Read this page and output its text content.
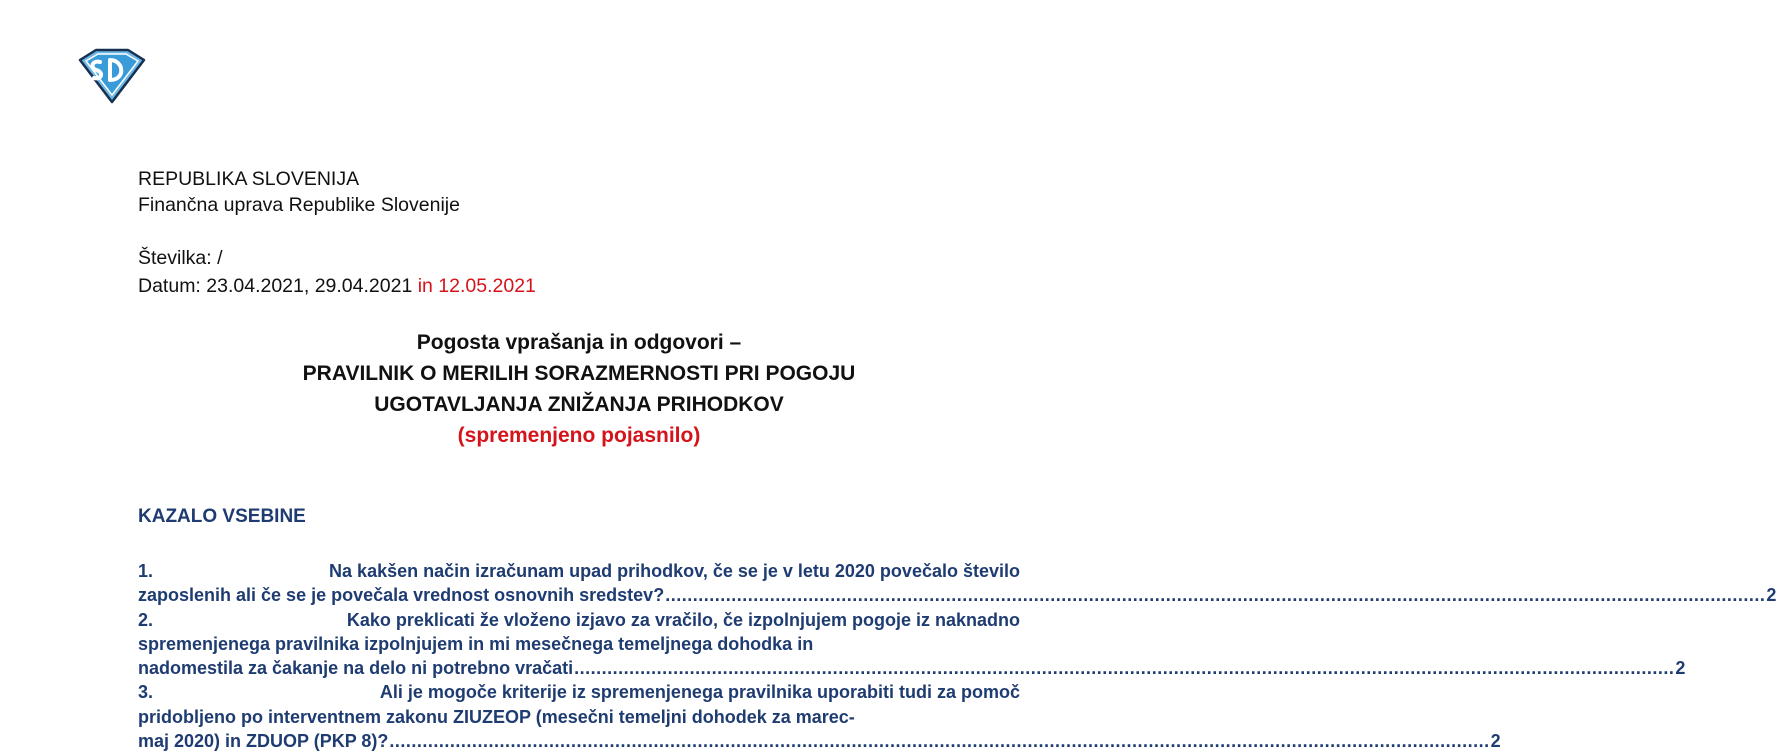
REPUBLIKA SLOVENIJA
Finančna uprava Republike Slovenije
Številka: /
Datum: 23.04.2021, 29.04.2021 in 12.05.2021
Pogosta vprašanja in odgovori –
PRAVILNIK O MERILIH SORAZMERNOSTI PRI POGOJU
UGOTAVLJANJA ZNIŽANJA PRIHODKOV
(spremenjeno pojasnilo)
KAZALO VSEBINE
1.	Na kakšen način izračunam upad prihodkov, če se je v letu 2020 povečalo število
zaposlenih ali če se je povečala vrednost osnovnih sredstev? ........................................................................................................................................................................................................ 2
2.	Kako preklicati že vloženo izjavo za vračilo, če izpolnjujem pogoje iz naknadno
spremenjenega pravilnika izpolnjujem in mi mesečnega temeljnega dohodka in
nadomestila za čakanje na delo ni potrebno vračati ........................................................................................................................................................................................................ 2
3.	Ali je mogoče kriterije iz spremenjenega pravilnika uporabiti tudi za pomoč
pridobljeno po interventnem zakonu ZIUZEOP (mesečni temeljni dohodek za marec-
maj 2020) in ZDUOP (PKP 8)? ........................................................................................................................................................................................................ 2
